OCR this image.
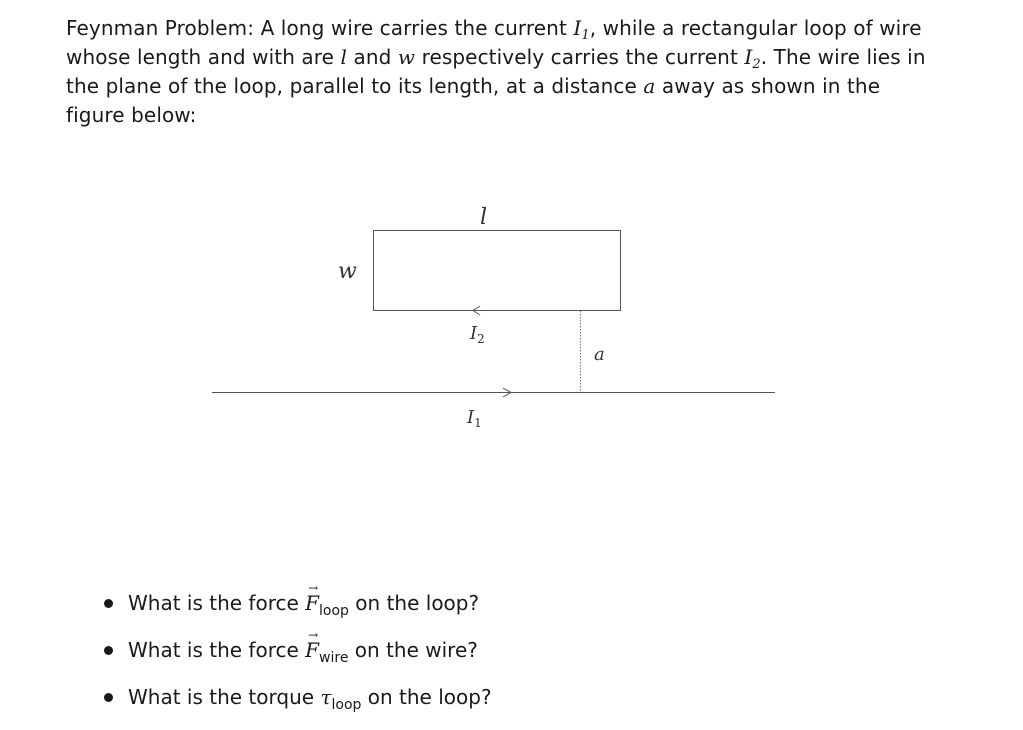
Feynman Problem: A long wire carries the current $I_1$, while a rectangular loop of wire whose length and with are l and w respectively carries the current $I_2$. The wire lies in the plane of the loop, parallel to its length, at a distance a away as shown in the figure below:
l
w
$I_2$
a
$I_1$
What is the force $F \to_{loop}$ on the loop?
What is the force $F \to_{wire}$ on the wire?
What is the torque $\tau_{loop}$ on the loop?
